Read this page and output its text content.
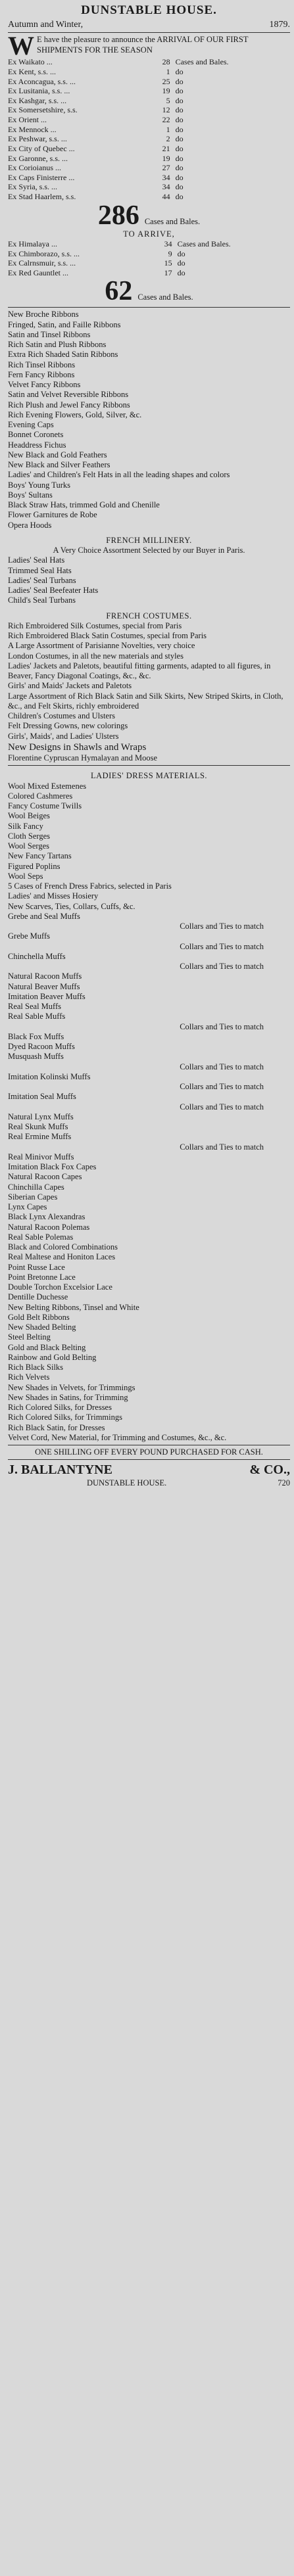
DUNSTABLE HOUSE.
Autumn and Winter,	1879.
W E have the pleasure to announce the ARRIVAL OF OUR FIRST SHIPMENTS FOR THE SEASON
Ex Waikato ...	28	Cases and Bales.
Ex Kent, s.s. ...	1	do
Ex Aconcagua, s.s. ...	25	do
Ex Lusitania, s.s. ...	19	do
Ex Kashgar, s.s. ...	5	do
Ex Somersetshire, s.s.	12	do
Ex Orient ...	22	do
Ex Mennock ...	1	do
Ex Peshwar, s.s. ...	2	do
Ex City of Quebec ...	21	do
Ex Garonne, s.s. ...	19	do
Ex Corioianus ...	27	do
Ex Caps Finisterre ...	34	do
Ex Syria, s.s. ...	34	do
Ex Stad Haarlem, s.s.	44	do
286 Cases and Bales.
TO ARRIVE,
Ex Himalaya ...	34	Cases and Bales.
Ex Chimborazo, s.s. ...	9	do
Ex Calrnsmuir, s.s. ...	15	do
Ex Red Gauntlet ...	17	do
62 Cases and Bales.
New Broche Ribbons
Fringed, Satin, and Faille Ribbons
Satin and Tinsel Ribbons
Rich Satin and Plush Ribbons
Extra Rich Shaded Satin Ribbons
Rich Tinsel Ribbons
Fern Fancy Ribbons
Velvet Fancy Ribbons
Satin and Velvet Reversible Ribbons
Rich Plush and Jewel Fancy Ribbons
Rich Evening Flowers, Gold, Silver, &c.
Evening Caps
Bonnet Coronets
Headdress Fichus
New Black and Gold Feathers
New Black and Silver Feathers
Ladies' and Children's Felt Hats in all the leading shapes and colors
Boys' Young Turks
Boys' Sultans
Black Straw Hats, trimmed Gold and Chenille
Flower Garnitures de Robe
Opera Hoods
FRENCH MILLINERY.
A Very Choice Assortment Selected by our Buyer in Paris.
Ladies' Seal Hats
Trimmed Seal Hats
Ladies' Seal Turbans
Ladies' Seal Beefeater Hats
Child's Seal Turbans
FRENCH COSTUMES.
Rich Embroidered Silk Costumes, special from Paris
Rich Embroidered Black Satin Costumes, special from Paris
A Large Assortment of Parisianne Novelties, very choice
London Costumes, in all the new materials and styles
Ladies' Jackets and Paletots, beautiful fitting garments, adapted to all figures, in Beaver, Fancy Diagonal Coatings, &c., &c.
Girls' and Maids' Jackets and Paletots
Large Assortment of Rich Black Satin and Silk Skirts, New Striped Skirts, in Cloth, &c., and Felt Skirts, richly embroidered
Children's Costumes and Ulsters
Felt Dressing Gowns, new colorings
Girls', Maids', and Ladies' Ulsters
New Designs in Shawls and Wraps
Florentine Cypruscan Hymalayan and Moose
LADIES' DRESS MATERIALS.
Wool Mixed Estemenes
Colored Cashmeres
Fancy Costume Twills
Wool Beiges
Silk Fancy
Cloth Serges
Wool Serges
New Fancy Tartans
Figured Poplins
Wool Seps
5 Cases of French Dress Fabrics, selected in Paris
Ladies' and Misses Hosiery
New Scarves, Ties, Collars, Cuffs, &c.
Grebe and Seal Muffs
Collars and Ties to match
Grebe Muffs
Collars and Ties to match
Chinchella Muffs
Collars and Ties to match
Natural Racoon Muffs
Natural Beaver Muffs
Imitation Beaver Muffs
Real Seal Muffs
Real Sable Muffs
Collars and Ties to match
Black Fox Muffs
Dyed Racoon Muffs
Musquash Muffs
Collars and Ties to match
Imitation Kolinski Muffs
Collars and Ties to match
Imitation Seal Muffs
Collars and Ties to match
Natural Lynx Muffs
Real Skunk Muffs
Real Ermine Muffs
Collars and Ties to match
Real Minivor Muffs
Imitation Black Fox Capes
Natural Racoon Capes
Chinchilla Capes
Siberian Capes
Lynx Capes
Black Lynx Alexandras
Natural Racoon Polemas
Real Sable Polemas
Black and Colored Combinations
Real Maltese and Honiton Laces
Point Russe Lace
Point Bretonne Lace
Double Torchon Excelsior Lace
Dentille Duchesse
New Belting Ribbons, Tinsel and White
Gold Belt Ribbons
New Shaded Belting
Steel Belting
Gold and Black Belting
Rainbow and Gold Belting
Rich Black Silks
Rich Velvets
New Shades in Velvets, for Trimmings
New Shades in Satins, for Trimming
Rich Colored Silks, for Dresses
Rich Colored Silks, for Trimmings
Rich Black Satin, for Dresses
Velvet Cord, New Material, for Trimming and Costumes, &c., &c.
ONE SHILLING OFF EVERY POUND PURCHASED FOR CASH.
J. BALLANTYNE	& CO.,
DUNSTABLE HOUSE.	720
